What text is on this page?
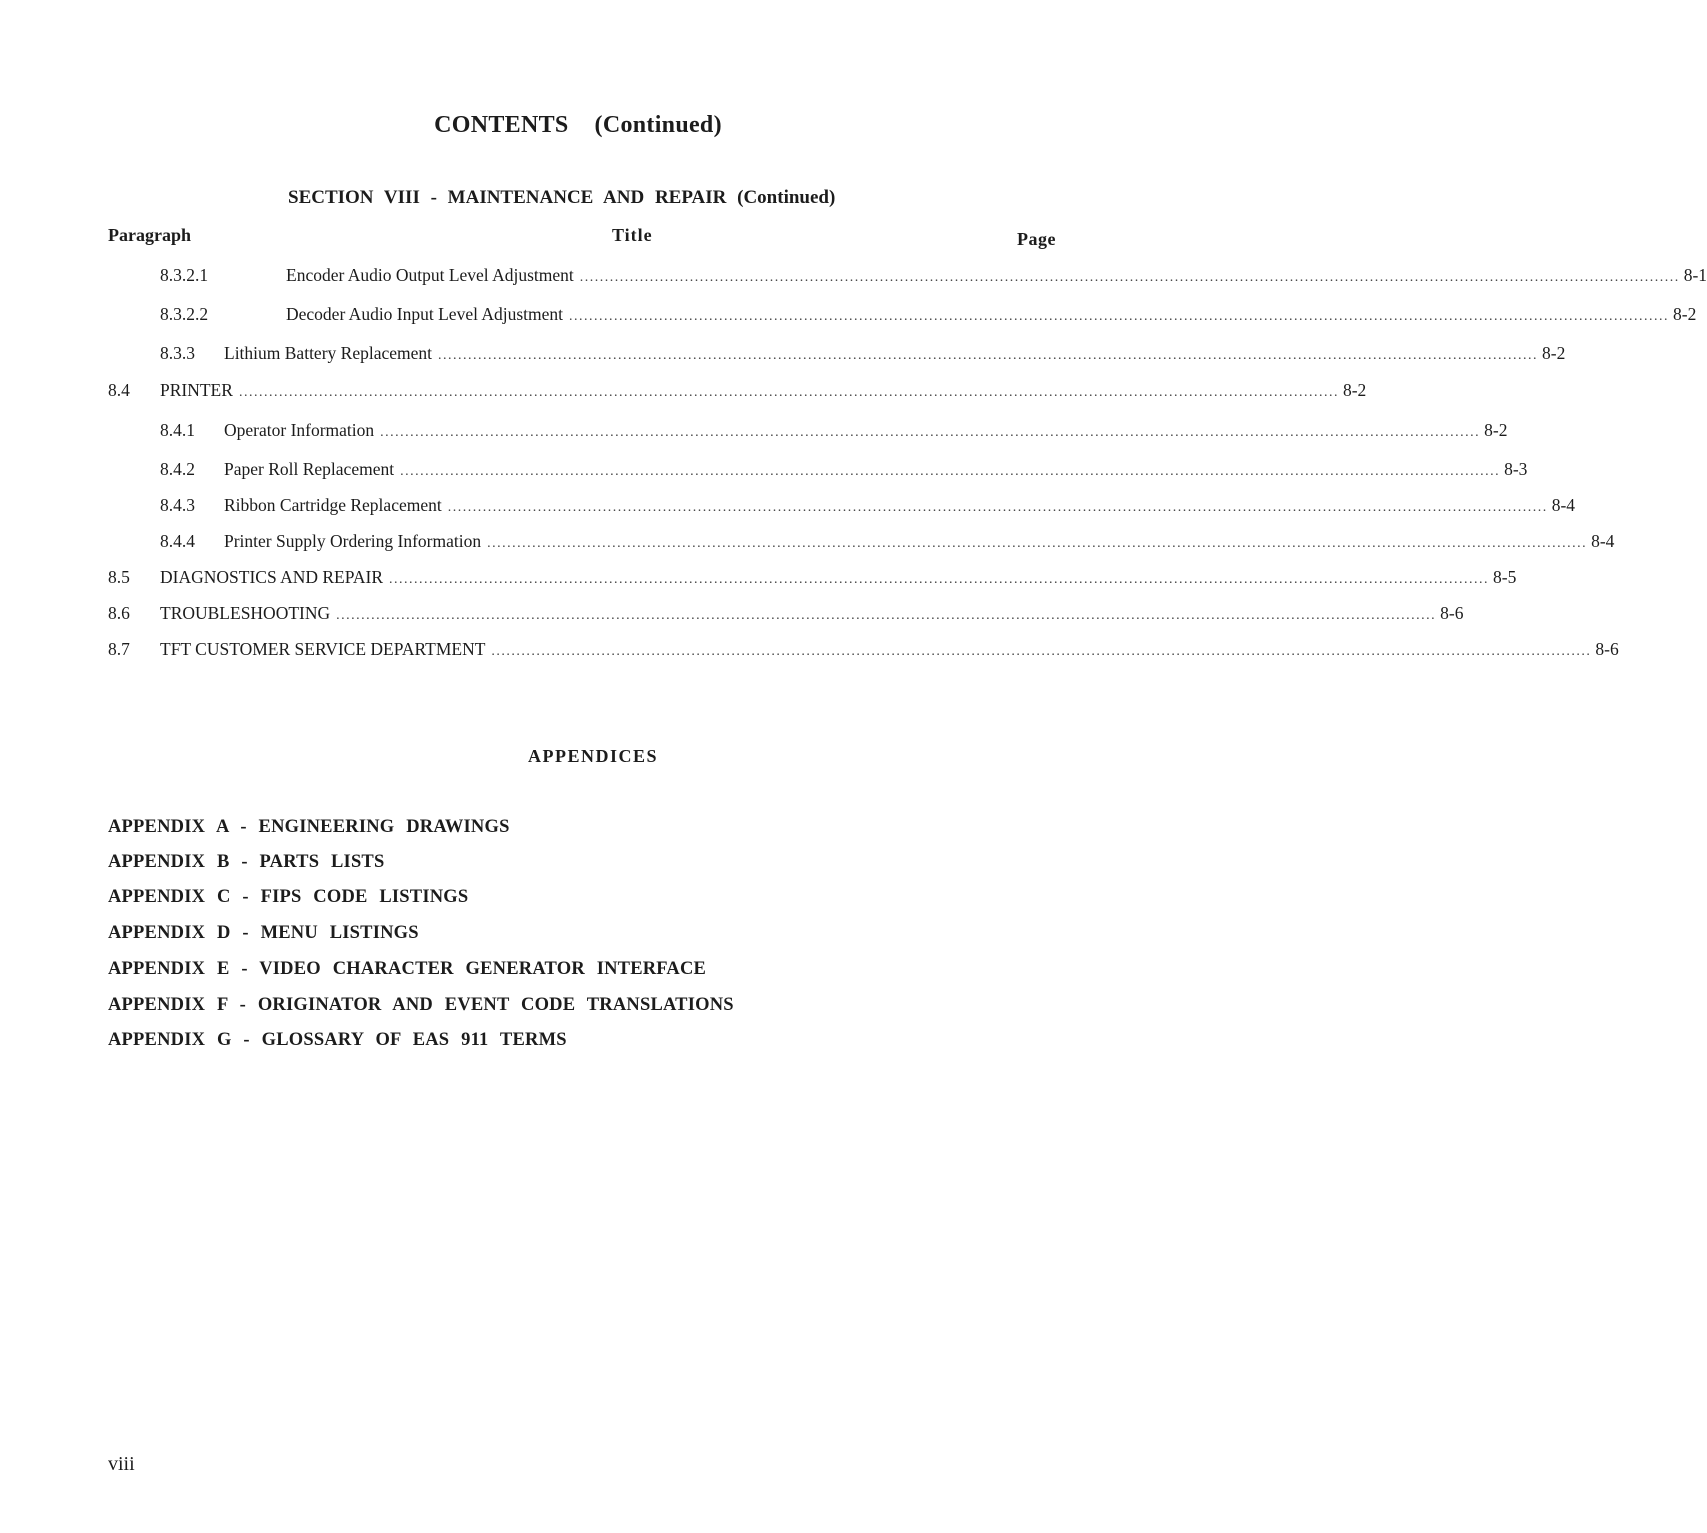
CONTENTS (Continued)
SECTION VIII - MAINTENANCE AND REPAIR (Continued)
Paragraph	Title	Page
8.3.2.1	Encoder Audio Output Level Adjustment ............................................................................................................................................................................................................................ 8-1
8.3.2.2	Decoder Audio Input Level Adjustment ............................................................................................................................................................................................................................ 8-2
8.3.3 Lithium Battery Replacement ............................................................................................................................................................................................................................ 8-2
8.4 PRINTER ............................................................................................................................................................................................................................ 8-2
8.4.1 Operator Information ............................................................................................................................................................................................................................ 8-2
8.4.2 Paper Roll Replacement ............................................................................................................................................................................................................................ 8-3
8.4.3 Ribbon Cartridge Replacement ............................................................................................................................................................................................................................ 8-4
8.4.4 Printer Supply Ordering Information ............................................................................................................................................................................................................................ 8-4
8.5 DIAGNOSTICS AND REPAIR ............................................................................................................................................................................................................................ 8-5
8.6 TROUBLESHOOTING ............................................................................................................................................................................................................................ 8-6
8.7 TFT CUSTOMER SERVICE DEPARTMENT ............................................................................................................................................................................................................................ 8-6
APPENDICES
APPENDIX A - ENGINEERING DRAWINGS
APPENDIX B - PARTS LISTS
APPENDIX C - FIPS CODE LISTINGS
APPENDIX D - MENU LISTINGS
APPENDIX E - VIDEO CHARACTER GENERATOR INTERFACE
APPENDIX F - ORIGINATOR AND EVENT CODE TRANSLATIONS
APPENDIX G - GLOSSARY OF EAS 911 TERMS
viii
